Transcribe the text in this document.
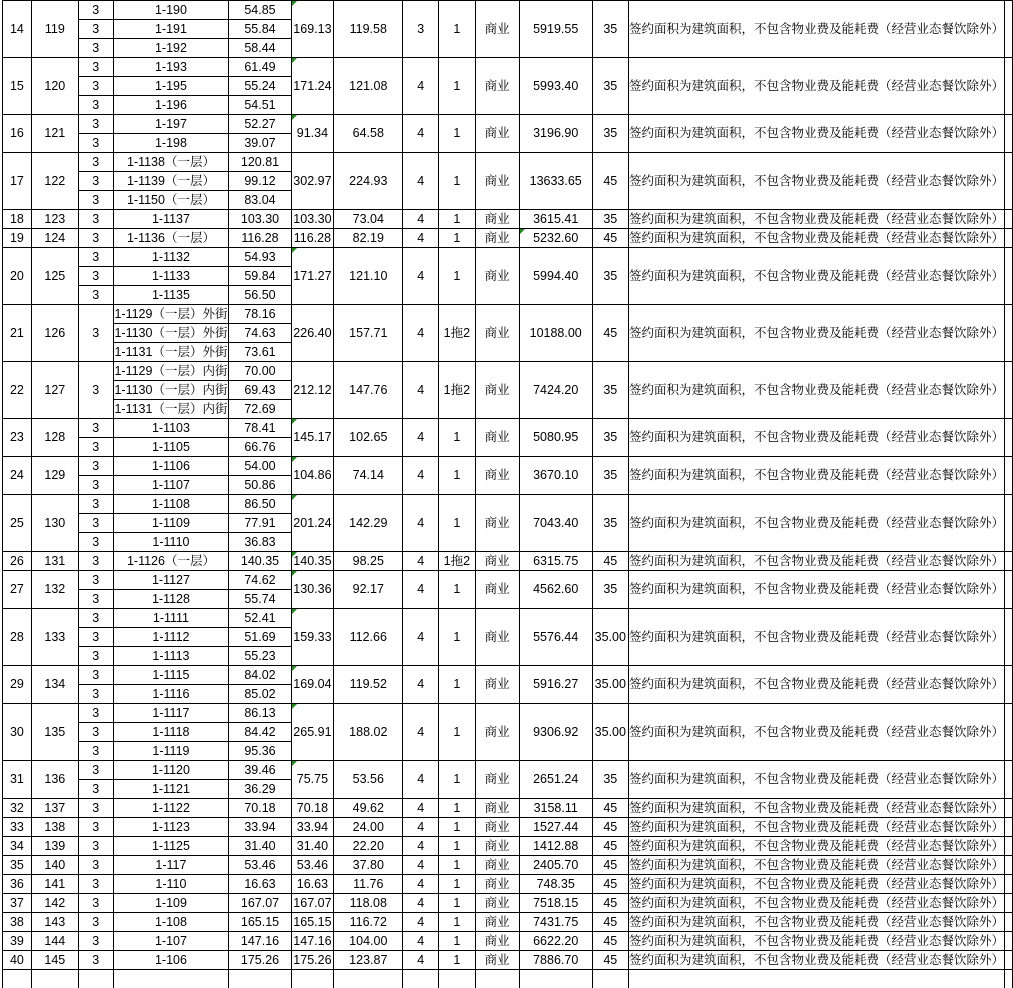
14	119	3	1-190	54.85	169.13	119.58	3	1	商业	5919.55	35	签约面积为建筑面积，不包含物业费及能耗费（经营业态餐饮除外）	
		3	1-191	55.84									
		3	1-192	58.44									
15	120	3	1-193	61.49	171.24	121.08	4	1	商业	5993.40	35	签约面积为建筑面积，不包含物业费及能耗费（经营业态餐饮除外）	
		3	1-195	55.24									
		3	1-196	54.51									
16	121	3	1-197	52.27	91.34	64.58	4	1	商业	3196.90	35	签约面积为建筑面积，不包含物业费及能耗费（经营业态餐饮除外）	
		3	1-198	39.07									
17	122	3	1-1138（一层）	120.81	302.97	224.93	4	1	商业	13633.65	45	签约面积为建筑面积，不包含物业费及能耗费（经营业态餐饮除外）	
		3	1-1139（一层）	99.12									
		3	1-1150（一层）	83.04									
18	123	3	1-1137	103.30	103.30	73.04	4	1	商业	3615.41	35	签约面积为建筑面积，不包含物业费及能耗费（经营业态餐饮除外）	
19	124	3	1-1136（一层）	116.28	116.28	82.19	4	1	商业	5232.60	45	签约面积为建筑面积，不包含物业费及能耗费（经营业态餐饮除外）	
20	125	3	1-1132	54.93	171.27	121.10	4	1	商业	5994.40	35	签约面积为建筑面积，不包含物业费及能耗费（经营业态餐饮除外）	
		3	1-1133	59.84									
		3	1-1135	56.50									
21	126	3	1-1129（一层）外街	78.16	226.40	157.71	4	1拖2	商业	10188.00	45	签约面积为建筑面积，不包含物业费及能耗费（经营业态餐饮除外）	
			1-1130（一层）外街	74.63									
			1-1131（一层）外街	73.61									
22	127	3	1-1129（一层）内街	70.00	212.12	147.76	4	1拖2	商业	7424.20	35	签约面积为建筑面积，不包含物业费及能耗费（经营业态餐饮除外）	
			1-1130（一层）内街	69.43									
			1-1131（一层）内街	72.69									
23	128	3	1-1103	78.41	145.17	102.65	4	1	商业	5080.95	35	签约面积为建筑面积，不包含物业费及能耗费（经营业态餐饮除外）	
		3	1-1105	66.76									
24	129	3	1-1106	54.00	104.86	74.14	4	1	商业	3670.10	35	签约面积为建筑面积，不包含物业费及能耗费（经营业态餐饮除外）	
		3	1-1107	50.86									
25	130	3	1-1108	86.50	201.24	142.29	4	1	商业	7043.40	35	签约面积为建筑面积，不包含物业费及能耗费（经营业态餐饮除外）	
		3	1-1109	77.91									
		3	1-1110	36.83									
26	131	3	1-1126（一层）	140.35	140.35	98.25	4	1拖2	商业	6315.75	45	签约面积为建筑面积，不包含物业费及能耗费（经营业态餐饮除外）	
27	132	3	1-1127	74.62	130.36	92.17	4	1	商业	4562.60	35	签约面积为建筑面积，不包含物业费及能耗费（经营业态餐饮除外）	
		3	1-1128	55.74									
28	133	3	1-1111	52.41	159.33	112.66	4	1	商业	5576.44	35.00	签约面积为建筑面积，不包含物业费及能耗费（经营业态餐饮除外）	
		3	1-1112	51.69									
		3	1-1113	55.23									
29	134	3	1-1115	84.02	169.04	119.52	4	1	商业	5916.27	35.00	签约面积为建筑面积，不包含物业费及能耗费（经营业态餐饮除外）	
		3	1-1116	85.02									
30	135	3	1-1117	86.13	265.91	188.02	4	1	商业	9306.92	35.00	签约面积为建筑面积，不包含物业费及能耗费（经营业态餐饮除外）	
		3	1-1118	84.42									
		3	1-1119	95.36									
31	136	3	1-1120	39.46	75.75	53.56	4	1	商业	2651.24	35	签约面积为建筑面积，不包含物业费及能耗费（经营业态餐饮除外）	
		3	1-1121	36.29									
32	137	3	1-1122	70.18	70.18	49.62	4	1	商业	3158.11	45	签约面积为建筑面积，不包含物业费及能耗费（经营业态餐饮除外）	
33	138	3	1-1123	33.94	33.94	24.00	4	1	商业	1527.44	45	签约面积为建筑面积，不包含物业费及能耗费（经营业态餐饮除外）	
34	139	3	1-1125	31.40	31.40	22.20	4	1	商业	1412.88	45	签约面积为建筑面积，不包含物业费及能耗费（经营业态餐饮除外）	
35	140	3	1-117	53.46	53.46	37.80	4	1	商业	2405.70	45	签约面积为建筑面积，不包含物业费及能耗费（经营业态餐饮除外）	
36	141	3	1-110	16.63	16.63	11.76	4	1	商业	748.35	45	签约面积为建筑面积，不包含物业费及能耗费（经营业态餐饮除外）	
37	142	3	1-109	167.07	167.07	118.08	4	1	商业	7518.15	45	签约面积为建筑面积，不包含物业费及能耗费（经营业态餐饮除外）	
38	143	3	1-108	165.15	165.15	116.72	4	1	商业	7431.75	45	签约面积为建筑面积，不包含物业费及能耗费（经营业态餐饮除外）	
39	144	3	1-107	147.16	147.16	104.00	4	1	商业	6622.20	45	签约面积为建筑面积，不包含物业费及能耗费（经营业态餐饮除外）	
40	145	3	1-106	175.26	175.26	123.87	4	1	商业	7886.70	45	签约面积为建筑面积，不包含物业费及能耗费（经营业态餐饮除外）	
